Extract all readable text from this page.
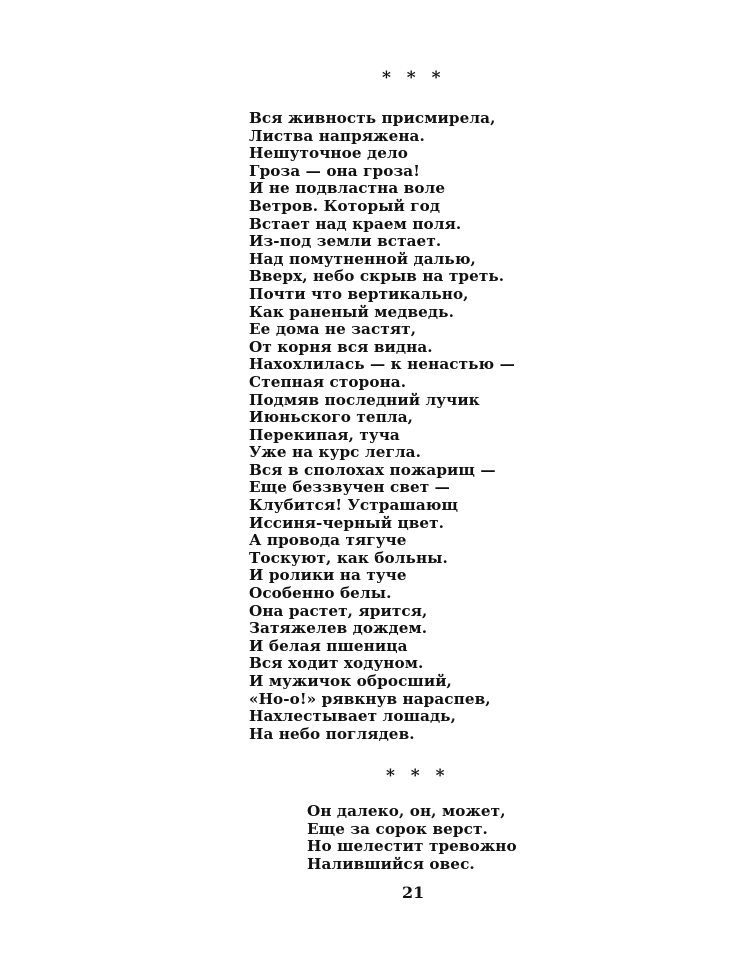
* * *
Вся живность присмирела,
Листва напряжена.
Нешуточное дело
Гроза — она гроза!
И не подвластна воле
Ветров. Который год
Встает над краем поля.
Из-под земли встает.
Над помутненной далью,
Вверх, небо скрыв на треть.
Почти что вертикально,
Как раненый медведь.
Ее дома не застят,
От корня вся видна.
Нахохлилась — к ненастью —
Степная сторона.
Подмяв последний лучик
Июньского тепла,
Перекипая, туча
Уже на курс легла.
Вся в сполохах пожарищ —
Еще беззвучен свет —
Клубится! Устрашающ
Иссиня-черный цвет.
А провода тягуче
Тоскуют, как больны.
И ролики на туче
Особенно белы.
Она растет, ярится,
Затяжелев дождем.
И белая пшеница
Вся ходит ходуном.
И мужичок обросший,
«Но-о!» рявкнув нараспев,
Нахлестывает лошадь,
На небо поглядев.
* * *
Он далеко, он, может,
Еще за сорок верст.
Но шелестит тревожно
Налившийся овес.
21
